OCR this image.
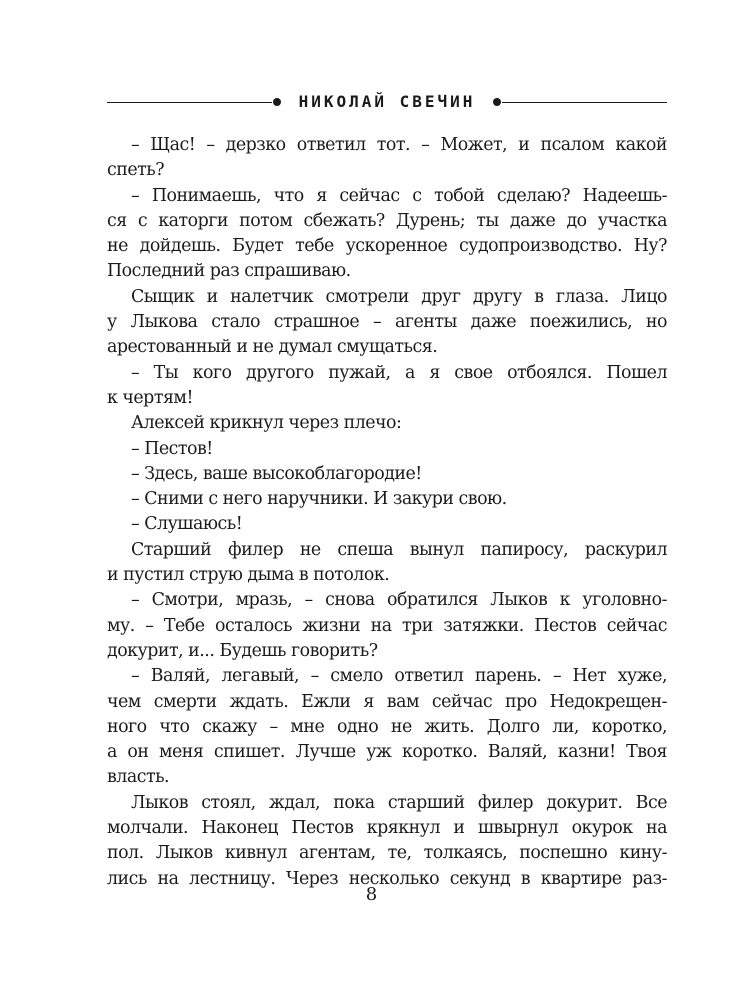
НИКОЛАЙ СВЕЧИН
– Щас! – дерзко ответил тот. – Может, и псалом какой
спеть?
– Понимаешь, что я сейчас с тобой сделаю? Надеешь-
ся с каторги потом сбежать? Дурень; ты даже до участка
не дойдешь. Будет тебе ускоренное судопроизводство. Ну?
Последний раз спрашиваю.
Сыщик и налетчик смотрели друг другу в глаза. Лицо
у Лыкова стало страшное – агенты даже поежились, но
арестованный и не думал смущаться.
– Ты кого другого пужай, а я свое отбоялся. Пошел
к чертям!
Алексей крикнул через плечо:
– Пестов!
– Здесь, ваше высокоблагородие!
– Сними с него наручники. И закури свою.
– Слушаюсь!
Старший филер не спеша вынул папиросу, раскурил
и пустил струю дыма в потолок.
– Смотри, мразь, – снова обратился Лыков к уголовно-
му. – Тебе осталось жизни на три затяжки. Пестов сейчас
докурит, и... Будешь говорить?
– Валяй, легавый, – смело ответил парень. – Нет хуже,
чем смерти ждать. Ежли я вам сейчас про Недокрещен-
ного что скажу – мне одно не жить. Долго ли, коротко,
а он меня спишет. Лучше уж коротко. Валяй, казни! Твоя
власть.
Лыков стоял, ждал, пока старший филер докурит. Все
молчали. Наконец Пестов крякнул и швырнул окурок на
пол. Лыков кивнул агентам, те, толкаясь, поспешно кину-
лись на лестницу. Через несколько секунд в квартире раз-
8
